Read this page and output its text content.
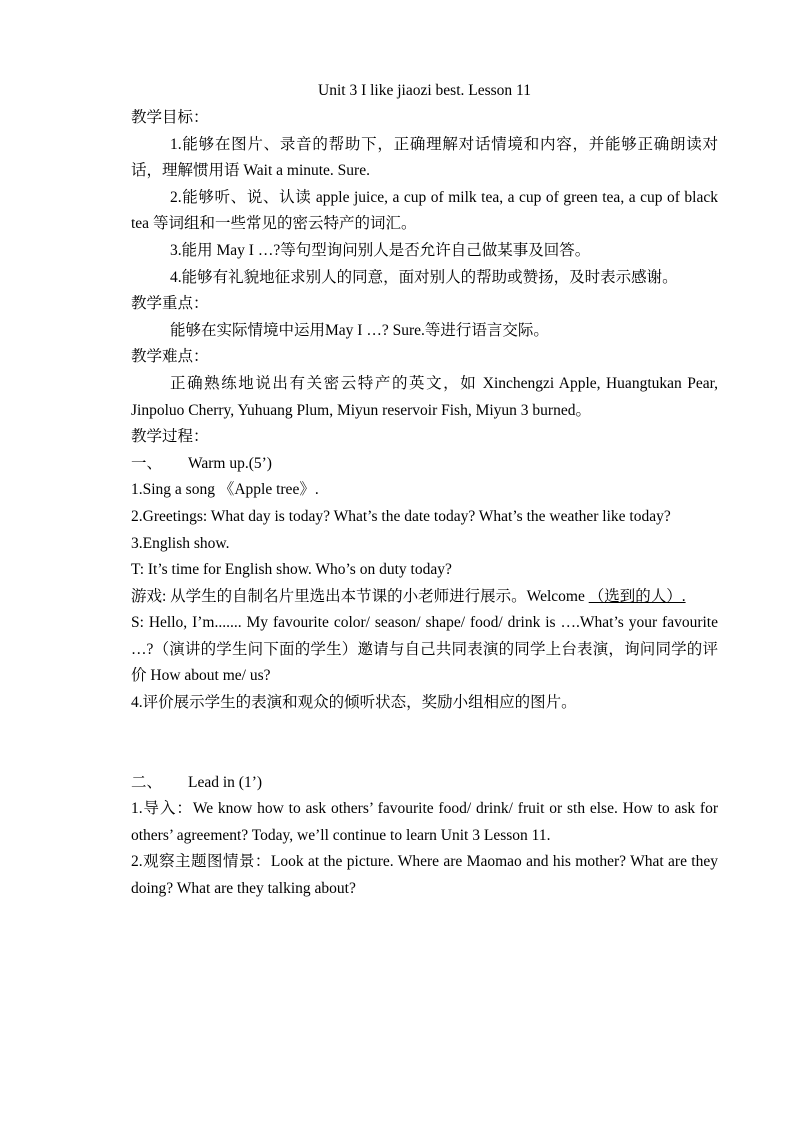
Unit 3 I like jiaozi best. Lesson 11

教学目标：

1.能够在图片、录音的帮助下，正确理解对话情境和内容，并能够正确朗读对话，理解惯用语 Wait a minute. Sure.

2.能够听、说、认读 apple juice, a cup of milk tea, a cup of green tea, a cup of black tea 等词组和一些常见的密云特产的词汇。

3.能用 May I …?等句型询问别人是否允许自己做某事及回答。

4.能够有礼貌地征求别人的同意，面对别人的帮助或赞扬，及时表示感谢。

教学重点：

能够在实际情境中运用May I …? Sure.等进行语言交际。

教学难点：

正确熟练地说出有关密云特产的英文，如 Xinchengzi Apple, Huangtukan Pear, Jinpoluo Cherry, Yuhuang Plum, Miyun reservoir Fish, Miyun 3 burned。

教学过程：

一、 Warm up.(5’)

1.Sing a song 《Apple tree》.

2.Greetings: What day is today? What’s the date today? What’s the weather like today?

3.English show.

T: It’s time for English show. Who’s on duty today?

游戏: 从学生的自制名片里选出本节课的小老师进行展示。Welcome （选到的人）.

S: Hello, I’m....... My favourite color/ season/ shape/ food/ drink is ….What’s your favourite …?（演讲的学生问下面的学生）邀请与自己共同表演的同学上台表演，询问同学的评价 How about me/ us?

4.评价展示学生的表演和观众的倾听状态，奖励小组相应的图片。

二、 Lead in (1’)

1.导入：We know how to ask others’ favourite food/ drink/ fruit or sth else. How to ask for others’ agreement? Today, we’ll continue to learn Unit 3 Lesson 11.

2.观察主题图情景：Look at the picture. Where are Maomao and his mother? What are they doing? What are they talking about?
